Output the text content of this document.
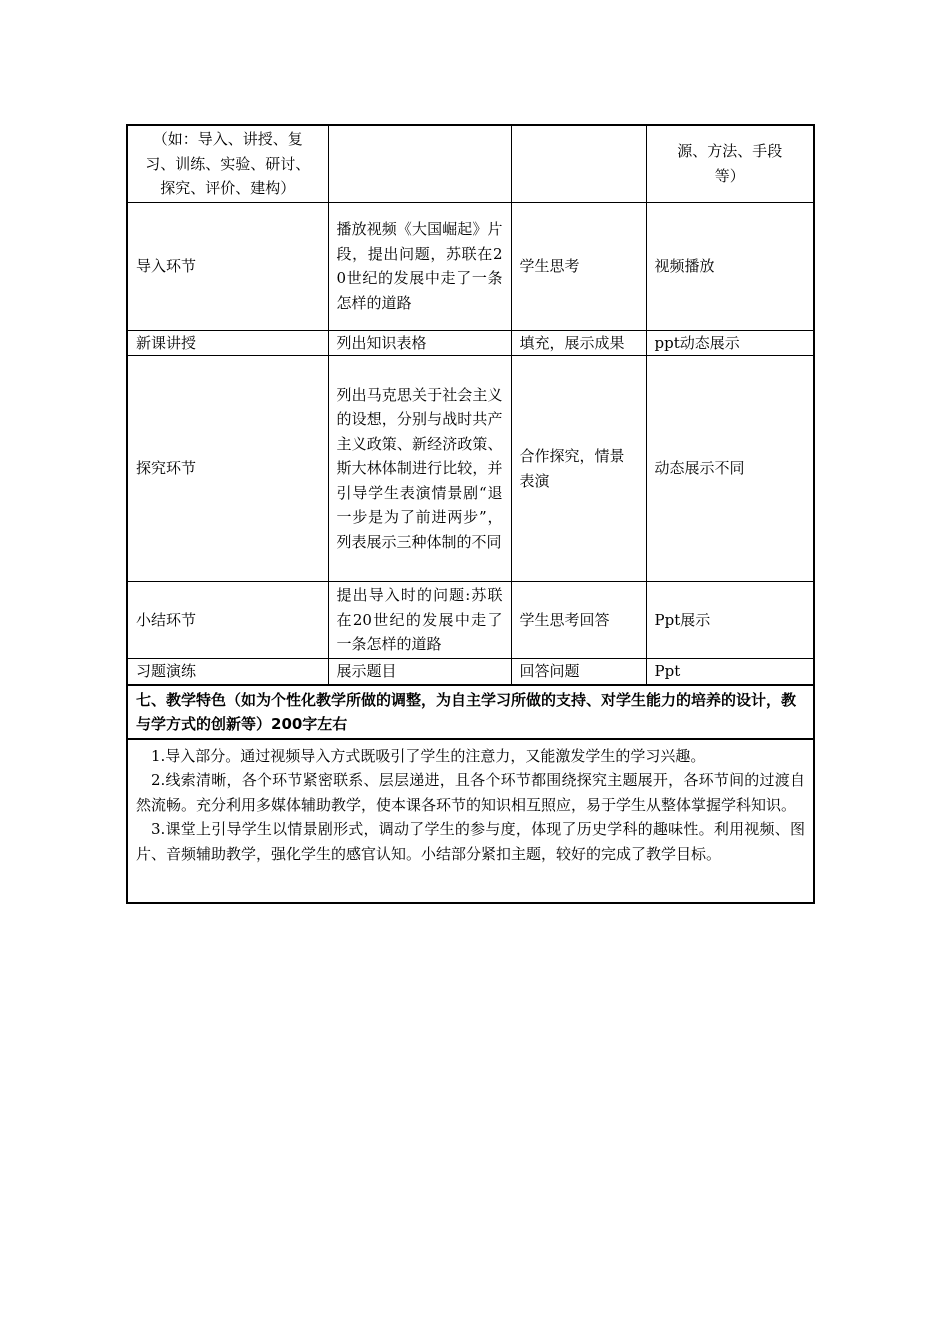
（如：导入、讲授、复习、训练、实验、研讨、探究、评价、建构）			源、方法、手段等）
导入环节	播放视频《大国崛起》片段，提出问题，苏联在20世纪的发展中走了一条怎样的道路	学生思考	视频播放
新课讲授	列出知识表格	填充，展示成果	ppt动态展示
探究环节	列出马克思关于社会主义的设想，分别与战时共产主义政策、新经济政策、斯大林体制进行比较，并引导学生表演情景剧“退一步是为了前进两步”，列表展示三种体制的不同	合作探究，情景表演	动态展示不同
小结环节	提出导入时的问题:苏联在20世纪的发展中走了一条怎样的道路	学生思考回答	Ppt展示
习题演练	展示题目	回答问题	Ppt
七、教学特色（如为个性化教学所做的调整，为自主学习所做的支持、对学生能力的培养的设计，教与学方式的创新等）200字左右			

1.导入部分。通过视频导入方式既吸引了学生的注意力，又能激发学生的学习兴趣。

2.线索清晰，各个环节紧密联系、层层递进，且各个环节都围绕探究主题展开，各环节间的过渡自然流畅。充分利用多媒体辅助教学，使本课各环节的知识相互照应，易于学生从整体掌握学科知识。

3.课堂上引导学生以情景剧形式，调动了学生的参与度，体现了历史学科的趣味性。利用视频、图片、音频辅助教学，强化学生的感官认知。小结部分紧扣主题，较好的完成了教学目标。			
